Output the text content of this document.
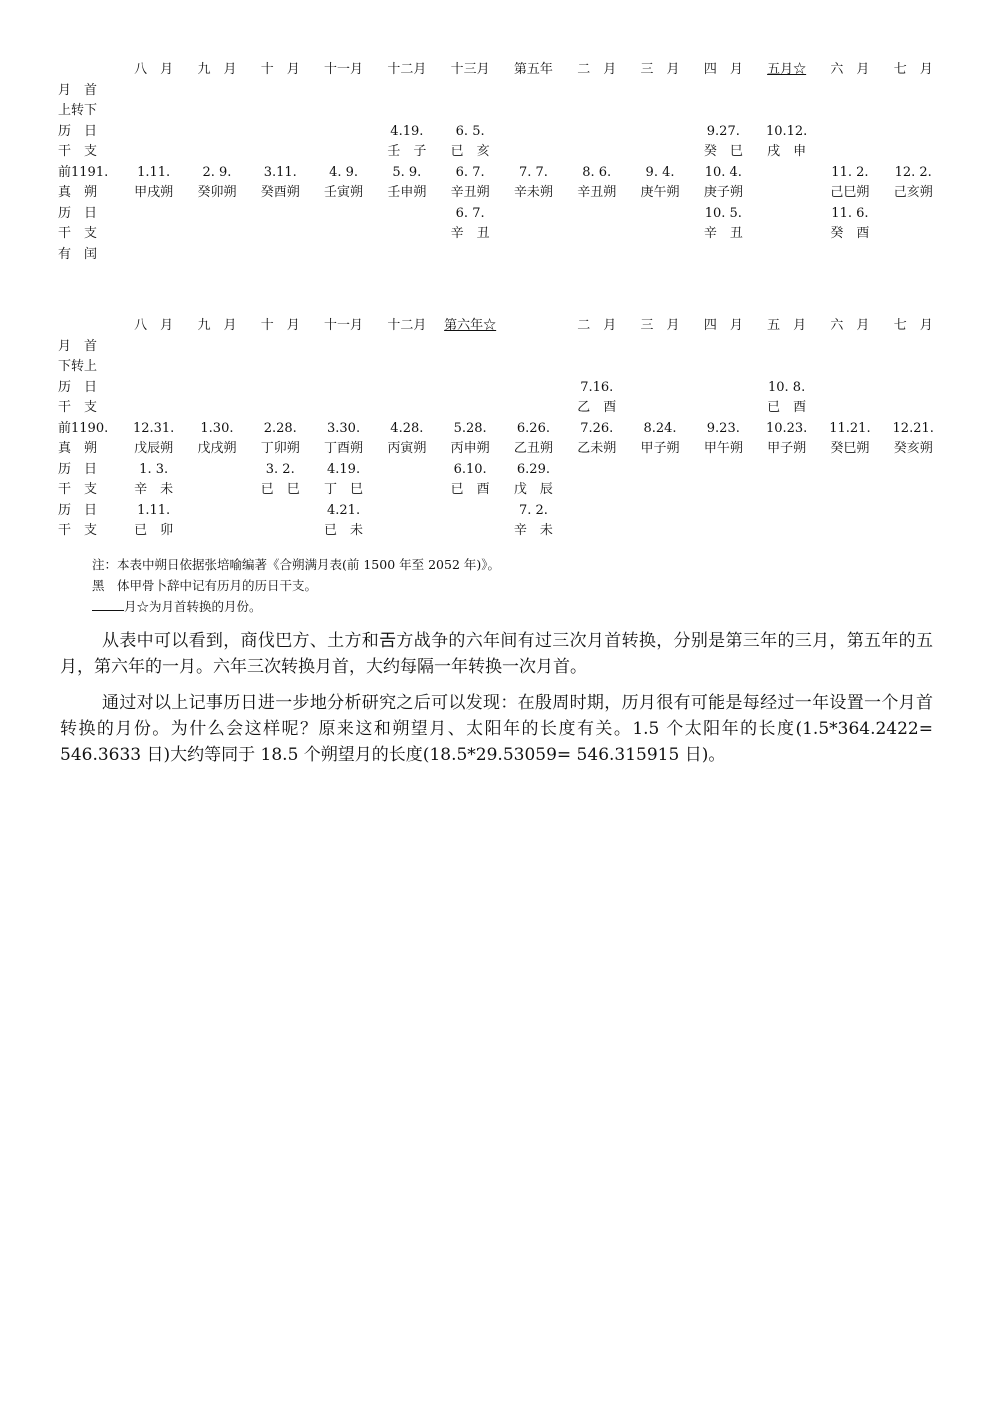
	八　月	九　月	十　月	十一月	十二月	十三月	第五年	二　月	三　月	四　月	五月☆	六　月	七　月
月　首													
上转下													
历　日					4.19.	6. 5.				9.27.	10.12.		
干　支					壬　子	已　亥				癸　巳	戌　申		
前1191.	1.11.	2. 9.	3.11.	4. 9.	5. 9.	6. 7.	7. 7.	8. 6.	9. 4.	10. 4.		11. 2.	12. 2.
真　朔	甲戌朔	癸卯朔	癸酉朔	壬寅朔	壬申朔	辛丑朔	辛未朔	辛丑朔	庚午朔	庚子朔		己巳朔	己亥朔
历　日						6. 7.				10. 5.		11. 6.	
干　支						辛　丑				辛　丑		癸　酉	
有　闰													
	八　月	九　月	十　月	十一月	十二月	第六年☆		二　月	三　月	四　月	五　月	六　月	七　月
月　首													
下转上													
历　日								7.16.			10. 8.		
干　支								乙　酉			已　酉		
前1190.	12.31.	1.30.	2.28.	3.30.	4.28.	5.28.	6.26.	7.26.	8.24.	9.23.	10.23.	11.21.	12.21.
真　朔	戊辰朔	戊戌朔	丁卯朔	丁酉朔	丙寅朔	丙申朔	乙丑朔	乙未朔	甲子朔	甲午朔	甲子朔	癸巳朔	癸亥朔
历　日	1. 3.		3. 2.	4.19.		6.10.	6.29.						
干　支	辛　未		已　巳	丁　巳		已　酉	戊　辰						
历　日	1.11.			4.21.			7. 2.						
干　支	已　卯			已　未			辛　未						
注：本表中朔日依据张培喻编著《合朔满月表(前 1500 年至 2052 年)》。
黑　体甲骨卜辞中记有历月的历日干支。
月☆为月首转换的月份。

从表中可以看到，商伐巴方、土方和𢀛方战争的六年间有过三次月首转换，分别是第三年的三月，第五年的五月，第六年的一月。六年三次转换月首，大约每隔一年转换一次月首。

通过对以上记事历日进一步地分析研究之后可以发现：在殷周时期，历月很有可能是每经过一年设置一个月首转换的月份。为什么会这样呢？原来这和朔望月、太阳年的长度有关。1.5 个太阳年的长度(1.5*364.2422= 546.3633 日)大约等同于 18.5 个朔望月的长度(18.5*29.53059= 546.315915 日)。
